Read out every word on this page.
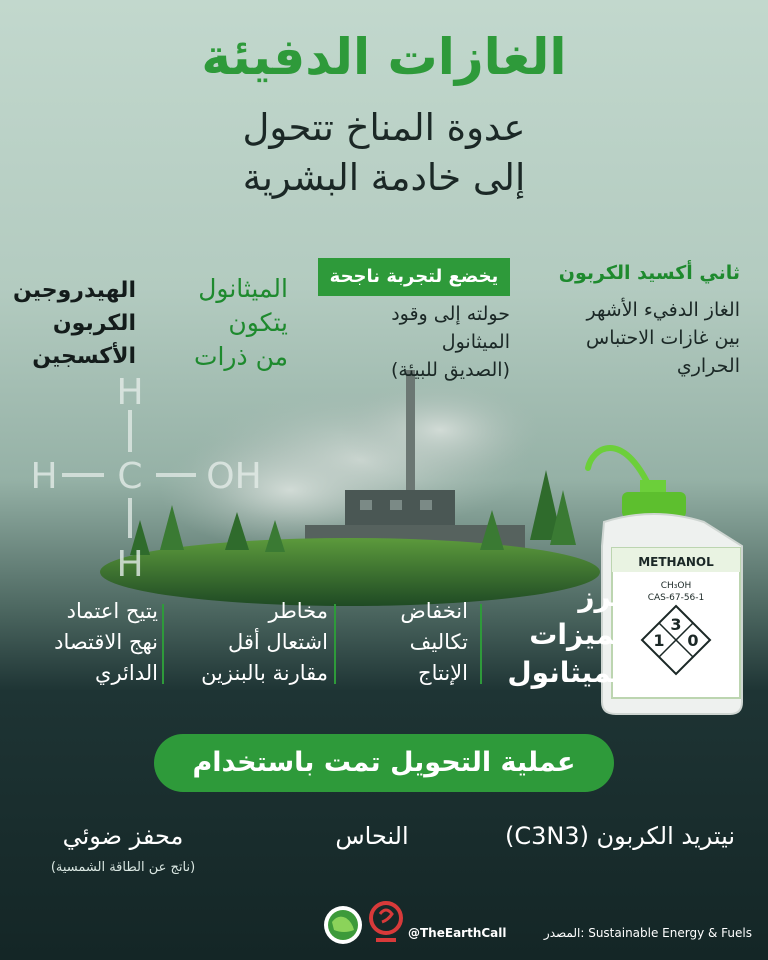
الغازات الدفيئة
عدوة المناخ تتحول
إلى خادمة البشرية
ثاني أكسيد الكربون
الغاز الدفيء الأشهر
بين غازات الاحتباس
الحراري
يخضع لتجربة ناجحة
حولته إلى وقود
الميثانول
(الصديق للبيئة)
الميثانول
يتكون
من ذرات
الهيدروجين
الكربون
الأكسجين
H
H C OH
H	METHANOL
CH₃OH
CAS-67-56-1
3
1 0
أبرز
مميزات
الميثانول
انخفاض
تكاليف
الإنتاج
مخاطر
اشتعال أقل
مقارنة بالبنزين
يتيح اعتماد
نهج الاقتصاد
الدائري
عملية التحويل تمت باستخدام
نيتريد الكربون (C3N3)
النحاس
محفز ضوئي
(ناتج عن الطاقة الشمسية)
المصدر: Sustainable Energy & Fuels
@TheEarthCall
